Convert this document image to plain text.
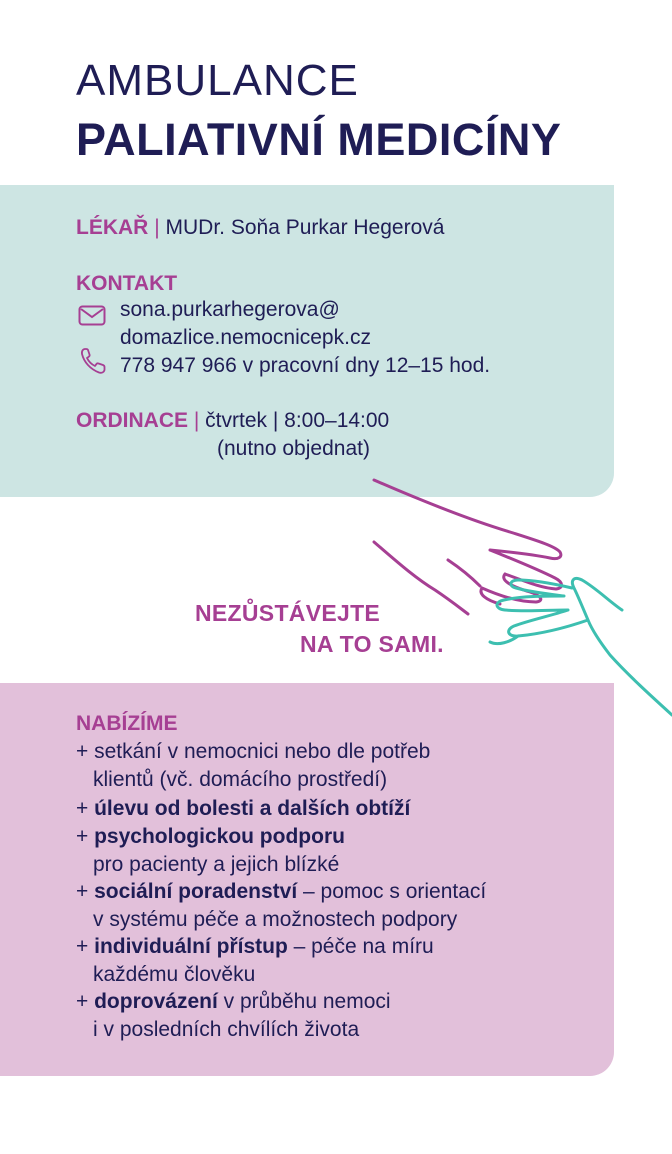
AMBULANCE
PALIATIVNÍ MEDICÍNY
LÉKAŘ | MUDr. Soňa Purkar Hegerová
KONTAKT
sona.purkarhegerova@
domazlice.nemocnicepk.cz
778 947 966 v pracovní dny 12–15 hod.
ORDINACE | čtvrtek | 8:00–14:00
(nutno objednat)
NEZŮSTÁVEJTE
NA TO SAMI.
NABÍZÍME
+ setkání v nemocnici nebo dle potřeb
klientů (vč. domácího prostředí)
+ úlevu od bolesti a dalších obtíží
+ psychologickou podporu
pro pacienty a jejich blízké
+ sociální poradenství – pomoc s orientací
v systému péče a možnostech podpory
+ individuální přístup – péče na míru
každému člověku
+ doprovázení v průběhu nemoci
i v posledních chvílích života
